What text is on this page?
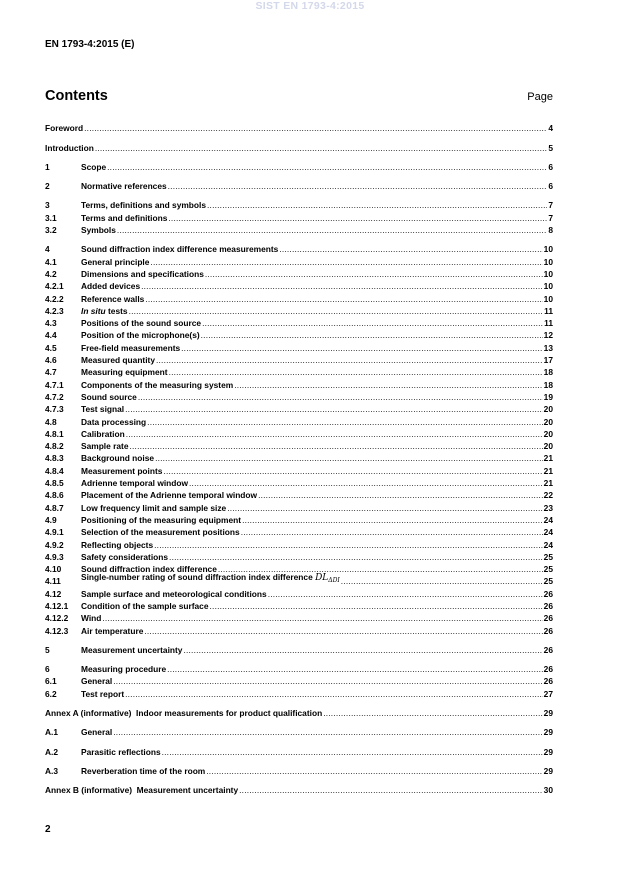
SIST EN 1793-4:2015
EN 1793-4:2015 (E)
Contents	Page
Foreword .....	4
Introduction .....	5
1	Scope .....	6
2	Normative references .....	6
3	Terms, definitions and symbols .....	7
3.1	Terms and definitions .....	7
3.2	Symbols .....	8
4	Sound diffraction index difference measurements .....	10
4.1	General principle .....	10
4.2	Dimensions and specifications .....	10
4.2.1	Added devices .....	10
4.2.2	Reference walls .....	10
4.2.3	In situ tests .....	11
4.3	Positions of the sound source .....	11
4.4	Position of the microphone(s) .....	12
4.5	Free-field measurements .....	13
4.6	Measured quantity .....	17
4.7	Measuring equipment .....	18
4.7.1	Components of the measuring system .....	18
4.7.2	Sound source .....	19
4.7.3	Test signal .....	20
4.8	Data processing .....	20
4.8.1	Calibration .....	20
4.8.2	Sample rate .....	20
4.8.3	Background noise .....	21
4.8.4	Measurement points .....	21
4.8.5	Adrienne temporal window .....	21
4.8.6	Placement of the Adrienne temporal window .....	22
4.8.7	Low frequency limit and sample size .....	23
4.9	Positioning of the measuring equipment .....	24
4.9.1	Selection of the measurement positions .....	24
4.9.2	Reflecting objects .....	24
4.9.3	Safety considerations .....	25
4.10	Sound diffraction index difference .....	25
4.11	Single-number rating of sound diffraction index difference $DL_{\Delta DI}$ .....	25
4.12	Sample surface and meteorological conditions .....	26
4.12.1	Condition of the sample surface .....	26
4.12.2	Wind .....	26
4.12.3	Air temperature .....	26
5	Measurement uncertainty .....	26
6	Measuring procedure .....	26
6.1	General .....	26
6.2	Test report .....	27
Annex A (informative)  Indoor measurements for product qualification .....	29
A.1	General .....	29
A.2	Parasitic reflections .....	29
A.3	Reverberation time of the room .....	29
Annex B (informative)  Measurement uncertainty .....	30
2
